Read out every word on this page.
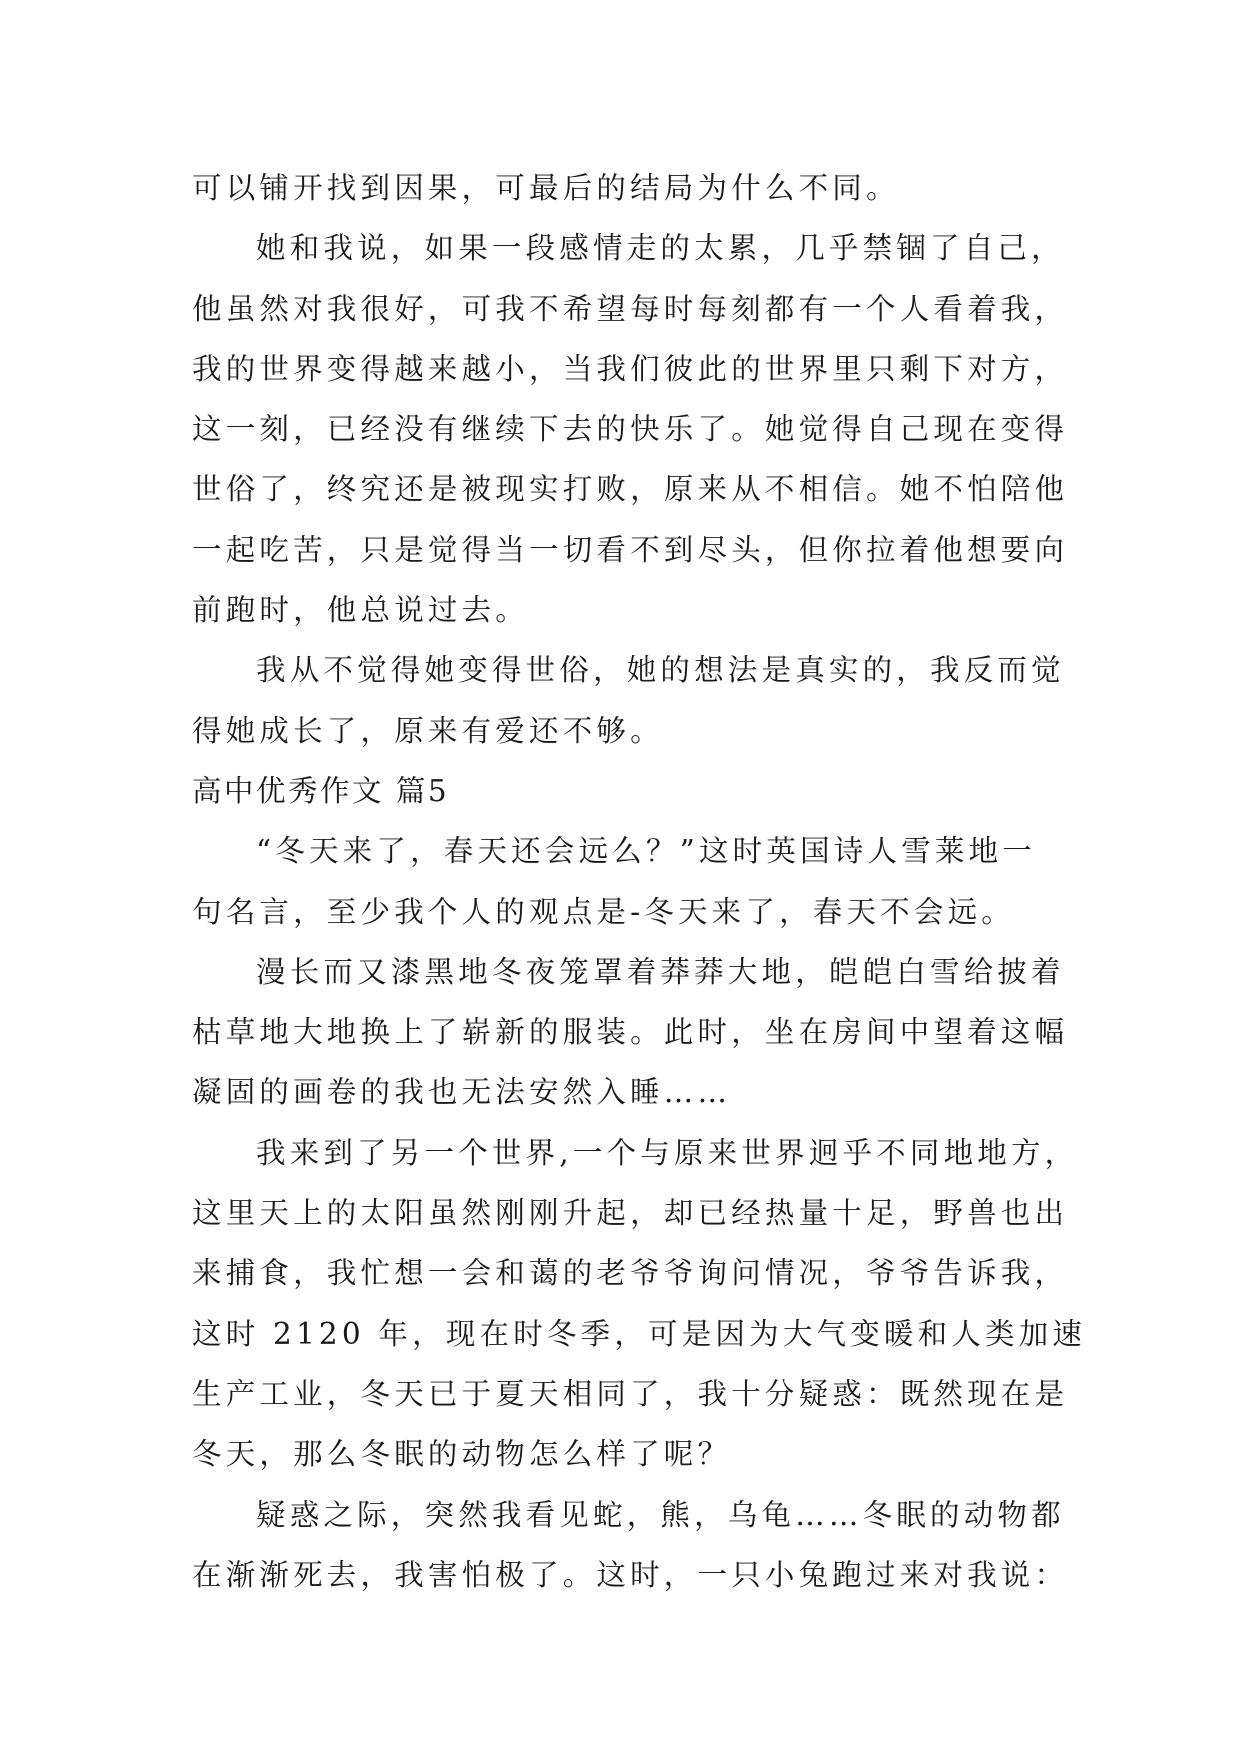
可以铺开找到因果，可最后的结局为什么不同。
她和我说，如果一段感情走的太累，几乎禁锢了自己，
他虽然对我很好，可我不希望每时每刻都有一个人看着我，
我的世界变得越来越小，当我们彼此的世界里只剩下对方，
这一刻，已经没有继续下去的快乐了。她觉得自己现在变得
世俗了，终究还是被现实打败，原来从不相信。她不怕陪他
一起吃苦，只是觉得当一切看不到尽头，但你拉着他想要向
前跑时，他总说过去。
我从不觉得她变得世俗，她的想法是真实的，我反而觉
得她成长了，原来有爱还不够。
高中优秀作文 篇5
“冬天来了，春天还会远么？”这时英国诗人雪莱地一
句名言，至少我个人的观点是-冬天来了，春天不会远。
漫长而又漆黑地冬夜笼罩着莽莽大地，皑皑白雪给披着
枯草地大地换上了崭新的服装。此时，坐在房间中望着这幅
凝固的画卷的我也无法安然入睡……
我来到了另一个世界,一个与原来世界迥乎不同地地方，
这里天上的太阳虽然刚刚升起，却已经热量十足，野兽也出
来捕食，我忙想一会和蔼的老爷爷询问情况，爷爷告诉我，
这时 2120 年，现在时冬季，可是因为大气变暖和人类加速
生产工业，冬天已于夏天相同了，我十分疑惑：既然现在是
冬天，那么冬眠的动物怎么样了呢？
疑惑之际，突然我看见蛇，熊，乌龟……冬眠的动物都
在渐渐死去，我害怕极了。这时，一只小兔跑过来对我说：
